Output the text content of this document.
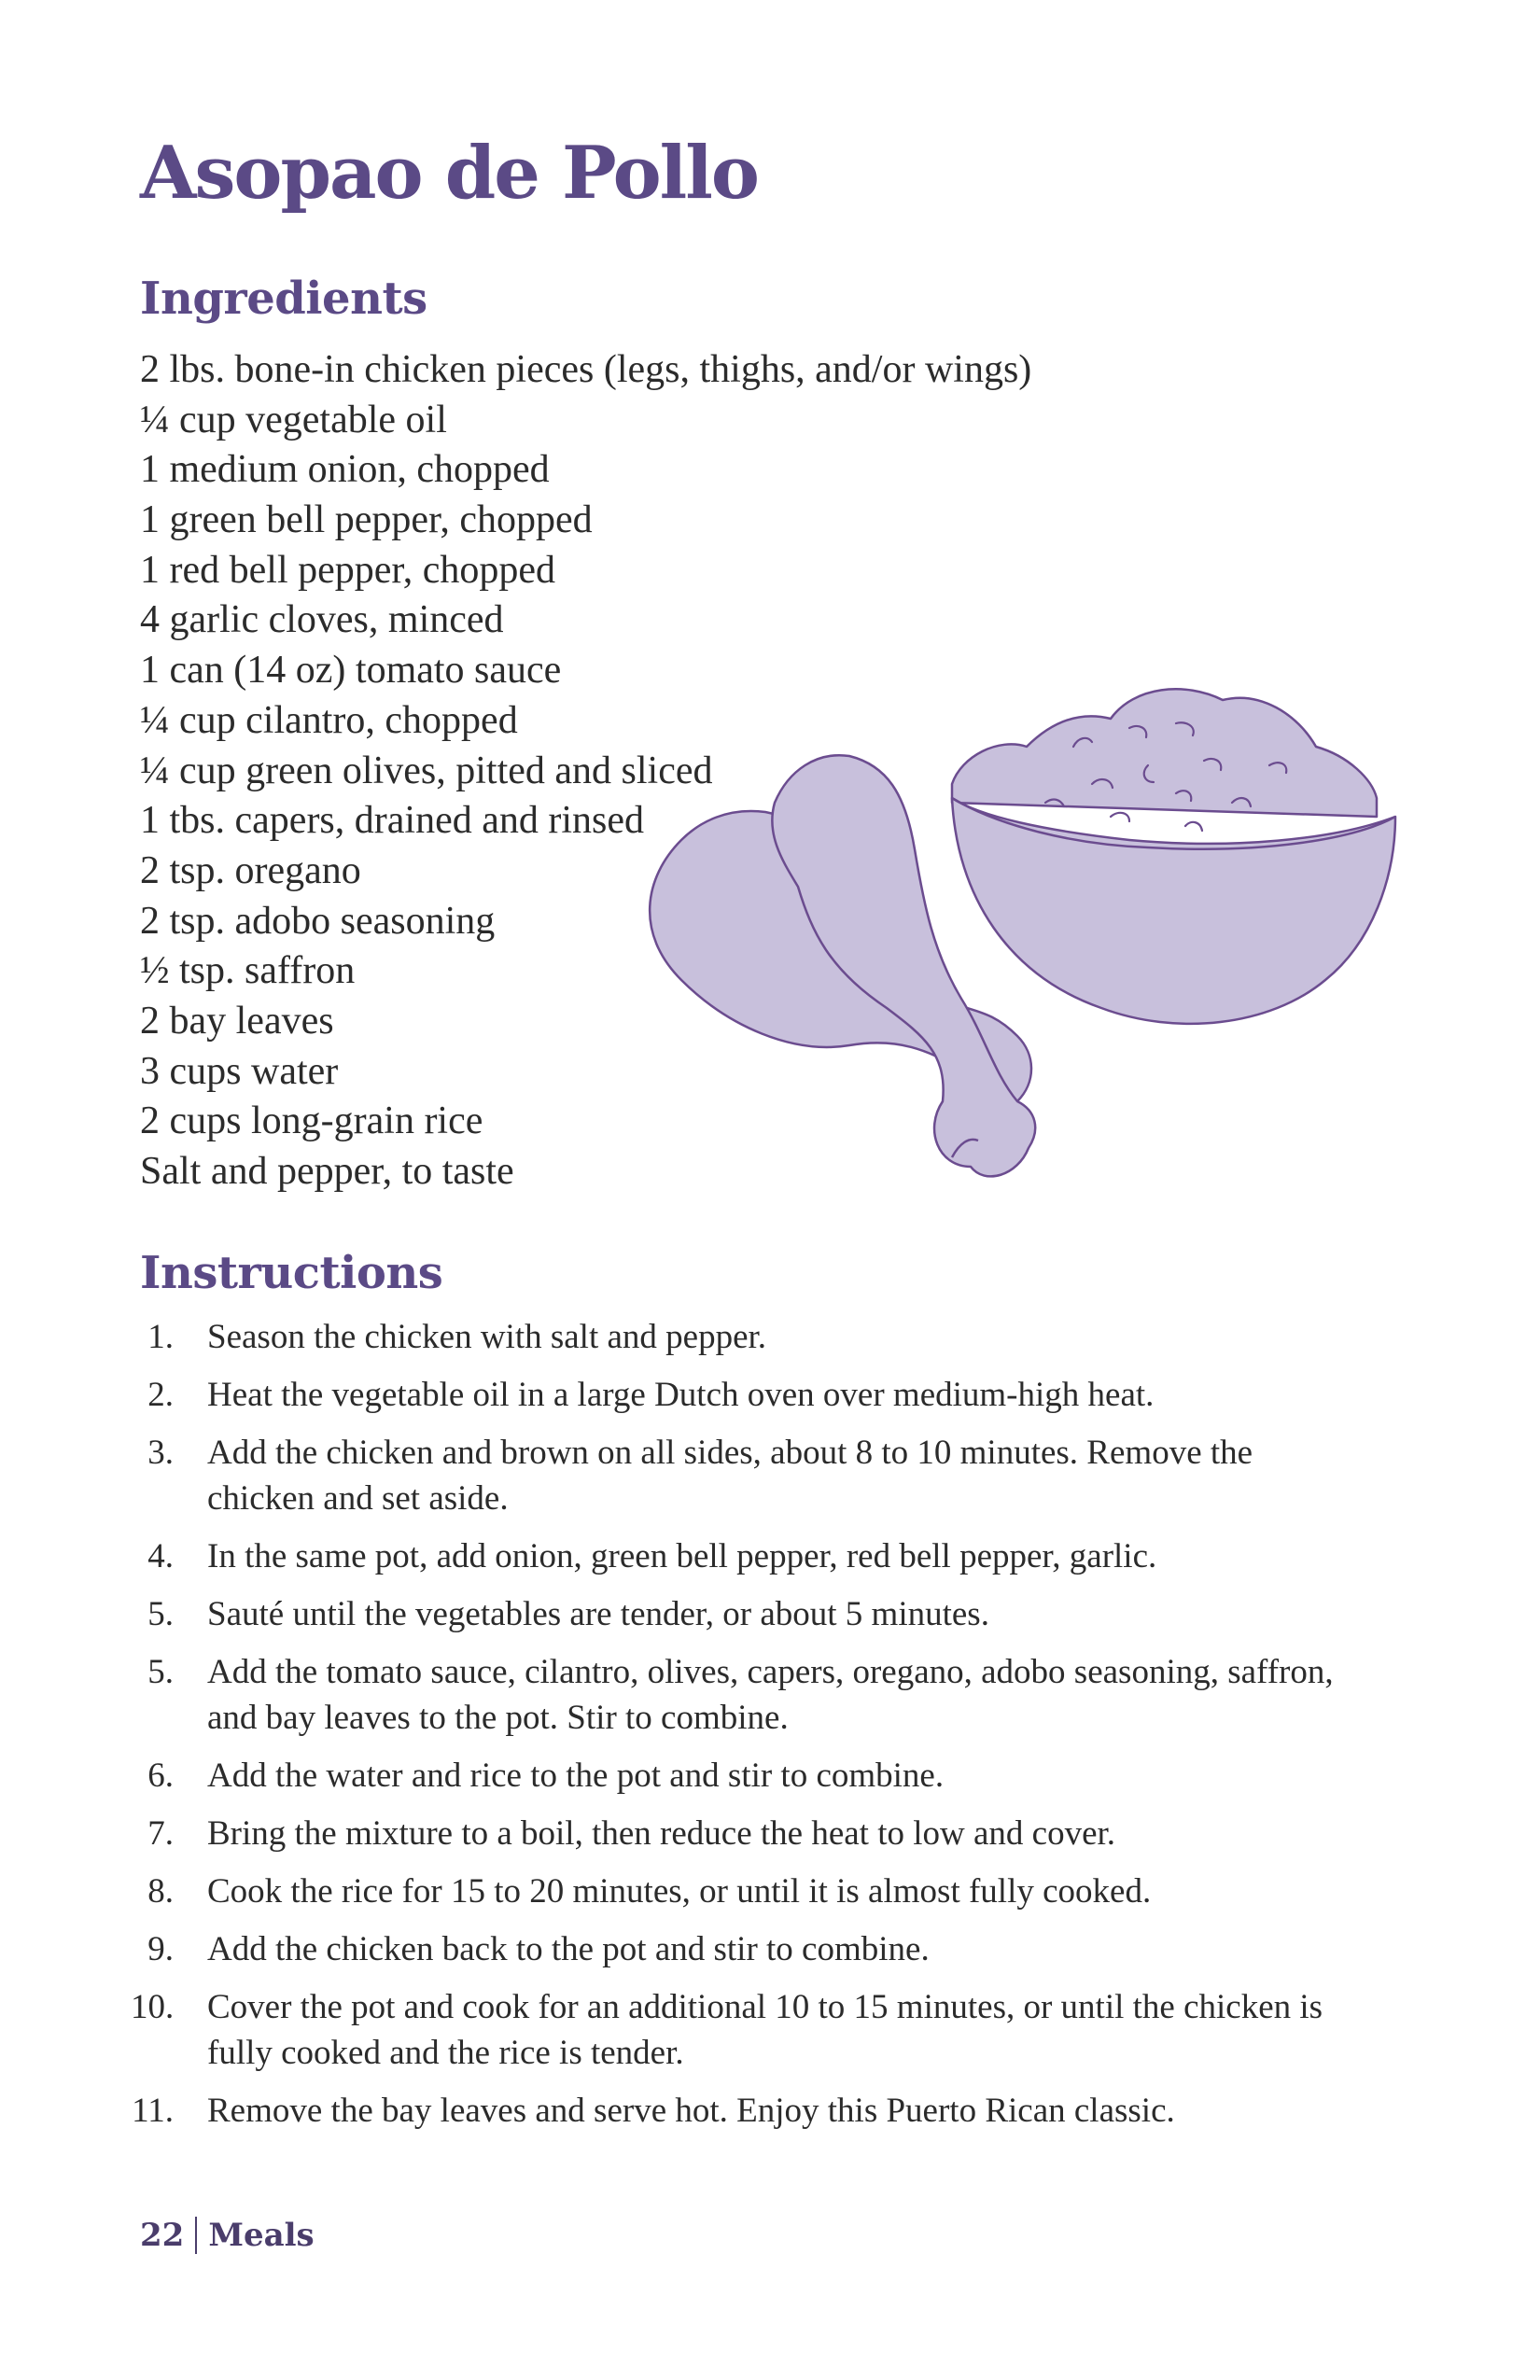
Asopao de Pollo
Ingredients
2 lbs. bone-in chicken pieces (legs, thighs, and/or wings)
¼ cup vegetable oil
1 medium onion, chopped
1 green bell pepper, chopped
1 red bell pepper, chopped
4 garlic cloves, minced
1 can (14 oz) tomato sauce
¼ cup cilantro, chopped
¼ cup green olives, pitted and sliced
1 tbs. capers, drained and rinsed
2 tsp. oregano
2 tsp. adobo seasoning
½ tsp. saffron
2 bay leaves
3 cups water
2 cups long-grain rice
Salt and pepper, to taste
Instructions
1. Season the chicken with salt and pepper.
2. Heat the vegetable oil in a large Dutch oven over medium-high heat.
3. Add the chicken and brown on all sides, about 8 to 10 minutes. Remove the chicken and set aside.
4. In the same pot, add onion, green bell pepper, red bell pepper, garlic.
5. Sauté until the vegetables are tender, or about 5 minutes.
5. Add the tomato sauce, cilantro, olives, capers, oregano, adobo seasoning, saffron, and bay leaves to the pot. Stir to combine.
6. Add the water and rice to the pot and stir to combine.
7. Bring the mixture to a boil, then reduce the heat to low and cover.
8. Cook the rice for 15 to 20 minutes, or until it is almost fully cooked.
9. Add the chicken back to the pot and stir to combine.
10. Cover the pot and cook for an additional 10 to 15 minutes, or until the chicken is fully cooked and the rice is tender.
11. Remove the bay leaves and serve hot. Enjoy this Puerto Rican classic.
22 Meals
